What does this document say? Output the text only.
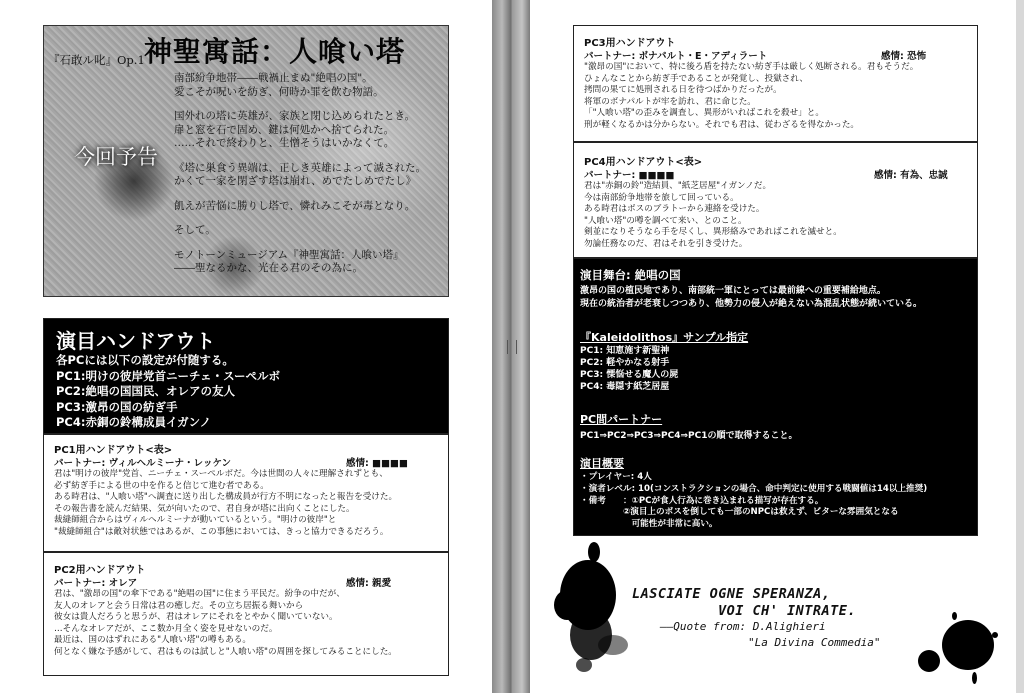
『石敢ル叱』Op.1 神聖寓話：人喰い塔
今回予告
南部紛争地帯――戦禍止まぬ"絶唱の国"。
愛こそが呪いを紡ぎ、何時か罪を飲む物語。
国外れの塔に英雄が、家族と閉じ込められたとき。
扉と窓を石で固め、鍵は何処かへ捨てられた。
……それで終わりと、生憎そうはいかなくて。
《塔に巣食う異端は、正しき英雄によって滅された。
かくて一家を閉ざす塔は崩れ、めでたしめでたし》
飢えが苦悩に勝りし塔で、憐れみこそが毒となり。
そして。
モノトーンミュージアム『神聖寓話：人喰い塔』
――聖なるかな、光在る君のその為に。
演目ハンドアウト
各PCには以下の設定が付随する。
PC1:明けの彼岸党首ニーチェ・スーペルボ
PC2:絶唱の国国民、オレアの友人
PC3:激昂の国の紡ぎ手
PC4:赤銅の鈴構成員イガンノ
PC1用ハンドアウト<表>
パートナー: ヴィルヘルミーナ・レッケン	感情: ■■■■
君は"明けの彼岸"党首、ニーチェ・スーペルボだ。今は世間の人々に理解されずとも、
必ず紡ぎ手による世の中を作ると信じて進む者である。
ある時君は、"人喰い塔"へ調査に送り出した構成員が行方不明になったと報告を受けた。
その報告書を読んだ結果、気が向いたので、君自身が塔に出向くことにした。
裁縫師組合からはヴィルヘルミーナが動いているという。"明けの彼岸"と
"裁縫師組合"は敵対状態ではあるが、この事態においては、きっと協力できるだろう。
PC2用ハンドアウト
パートナー: オレア	感情: 親愛
君は、"激昂の国"の傘下である"絶唱の国"に住まう平民だ。紛争の中だが、
友人のオレアと会う日常は君の癒しだ。その立ち居振る舞いから
彼女は貴人だろうと思うが、君はオレアにそれをとやかく聞いていない。
…そんなオレアだが、ここ数か月全く姿を見せないのだ。
最近は、国のはずれにある"人喰い塔"の噂もある。
何となく嫌な予感がして、君はものは試しと"人喰い塔"の周囲を探してみることにした。
PC3用ハンドアウト
パートナー: ボナパルト・E・アディラート	感情: 恐怖
"激昂の国"において、特に後ろ盾を持たない紡ぎ手は厳しく処断される。君もそうだ。
ひょんなことから紡ぎ手であることが発覚し、投獄され、
拷問の果てに処刑される日を待つばかりだったが。
将軍のボナパルトが牢を訪れ、君に命じた。
「"人喰い塔"の歪みを調査し、異形がいればこれを殺せ」と。
刑が軽くなるかは分からない。それでも君は、従わざるを得なかった。
PC4用ハンドアウト<表>
パートナー: ■■■■	感情: 有為、忠誠
君は"赤銅の鈴"造結員、"紙芝居屋"イガンノだ。
今は南部紛争地帯を旅して回っている。
ある時君はボスのブラトーから連絡を受けた。
"人喰い塔"の噂を調べて来い、とのこと。
剣並になりそうなら手を尽くし、異形絡みであればこれを滅せと。
勿論任務なのだ、君はそれを引き受けた。
演目舞台: 絶唱の国
激昂の国の植民地であり、南部統一軍にとっては最前線への重要補給地点。
現在の統治者が老衰しつつあり、他勢力の侵入が絶えない為混乱状態が続いている。
『Kaleidolithos』サンプル指定
PC1: 知恵施す新聖神
PC2: 軽やかなる射手
PC3: 慄悩せる魔人の屍
PC4: 毒隠す紙芝居屋
PC間パートナー
PC1⇒PC2⇒PC3⇒PC4⇒PC1の順で取得すること。
演目概要
・プレイヤー: 4人
・演者レベル: 10(コンストラクションの場合、命中判定に使用する戦闘値は14以上推奨)
・備考　　：①PCが食人行為に巻き込まれる描写が存在する。
　　　　　②演目上のボスを倒しても一部のNPCは救えず、ビターな雰囲気となる
　　　　　　可能性が非常に高い。
LASCIATE OGNE SPERANZA,
VOI CH' INTRATE.
――Quote from: D.Alighieri
"La Divina Commedia"
